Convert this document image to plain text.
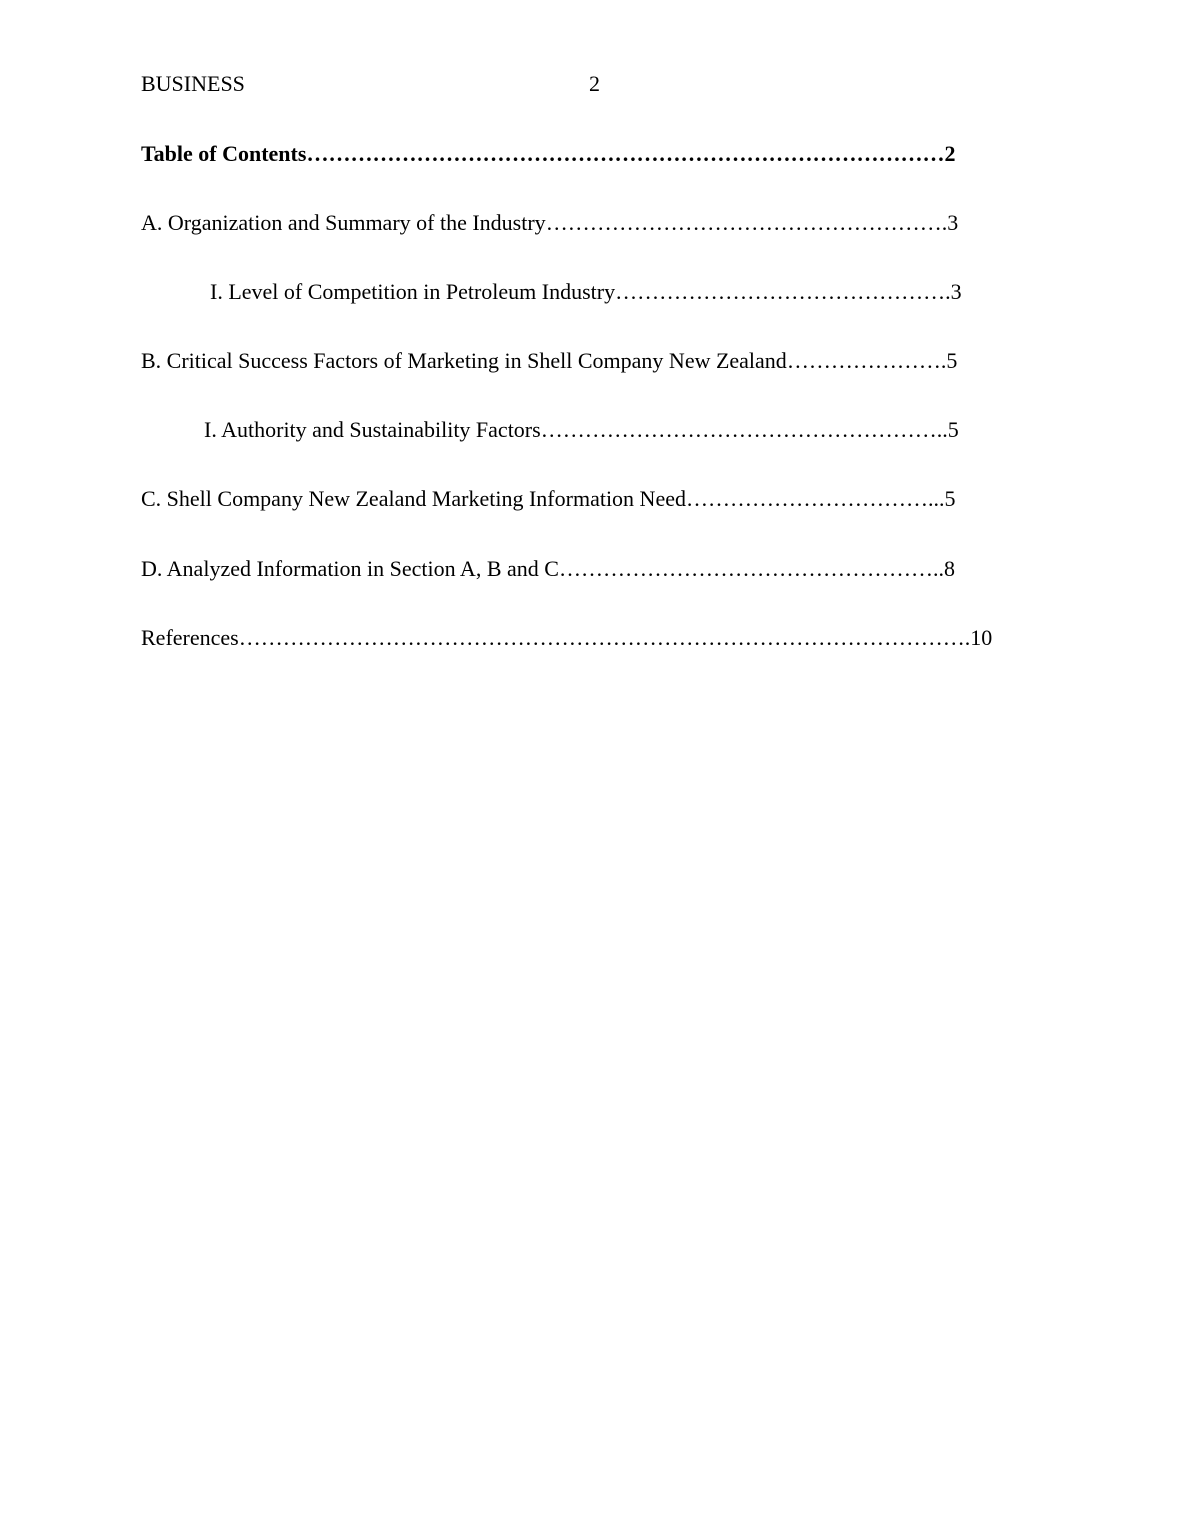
BUSINESS	2
Table of Contents……………………………………………………………………………2
A. Organization and Summary of the Industry……………………………………………….3
I. Level of Competition in Petroleum Industry……………………………………….3
B. Critical Success Factors of Marketing in Shell Company New Zealand………………….5
I. Authority and Sustainability Factors………………………………………………..5
C. Shell Company New Zealand Marketing Information Need……………………………...5
D. Analyzed Information in Section A, B and C……………………………………………..8
References……………………………………………………………………………………….10
